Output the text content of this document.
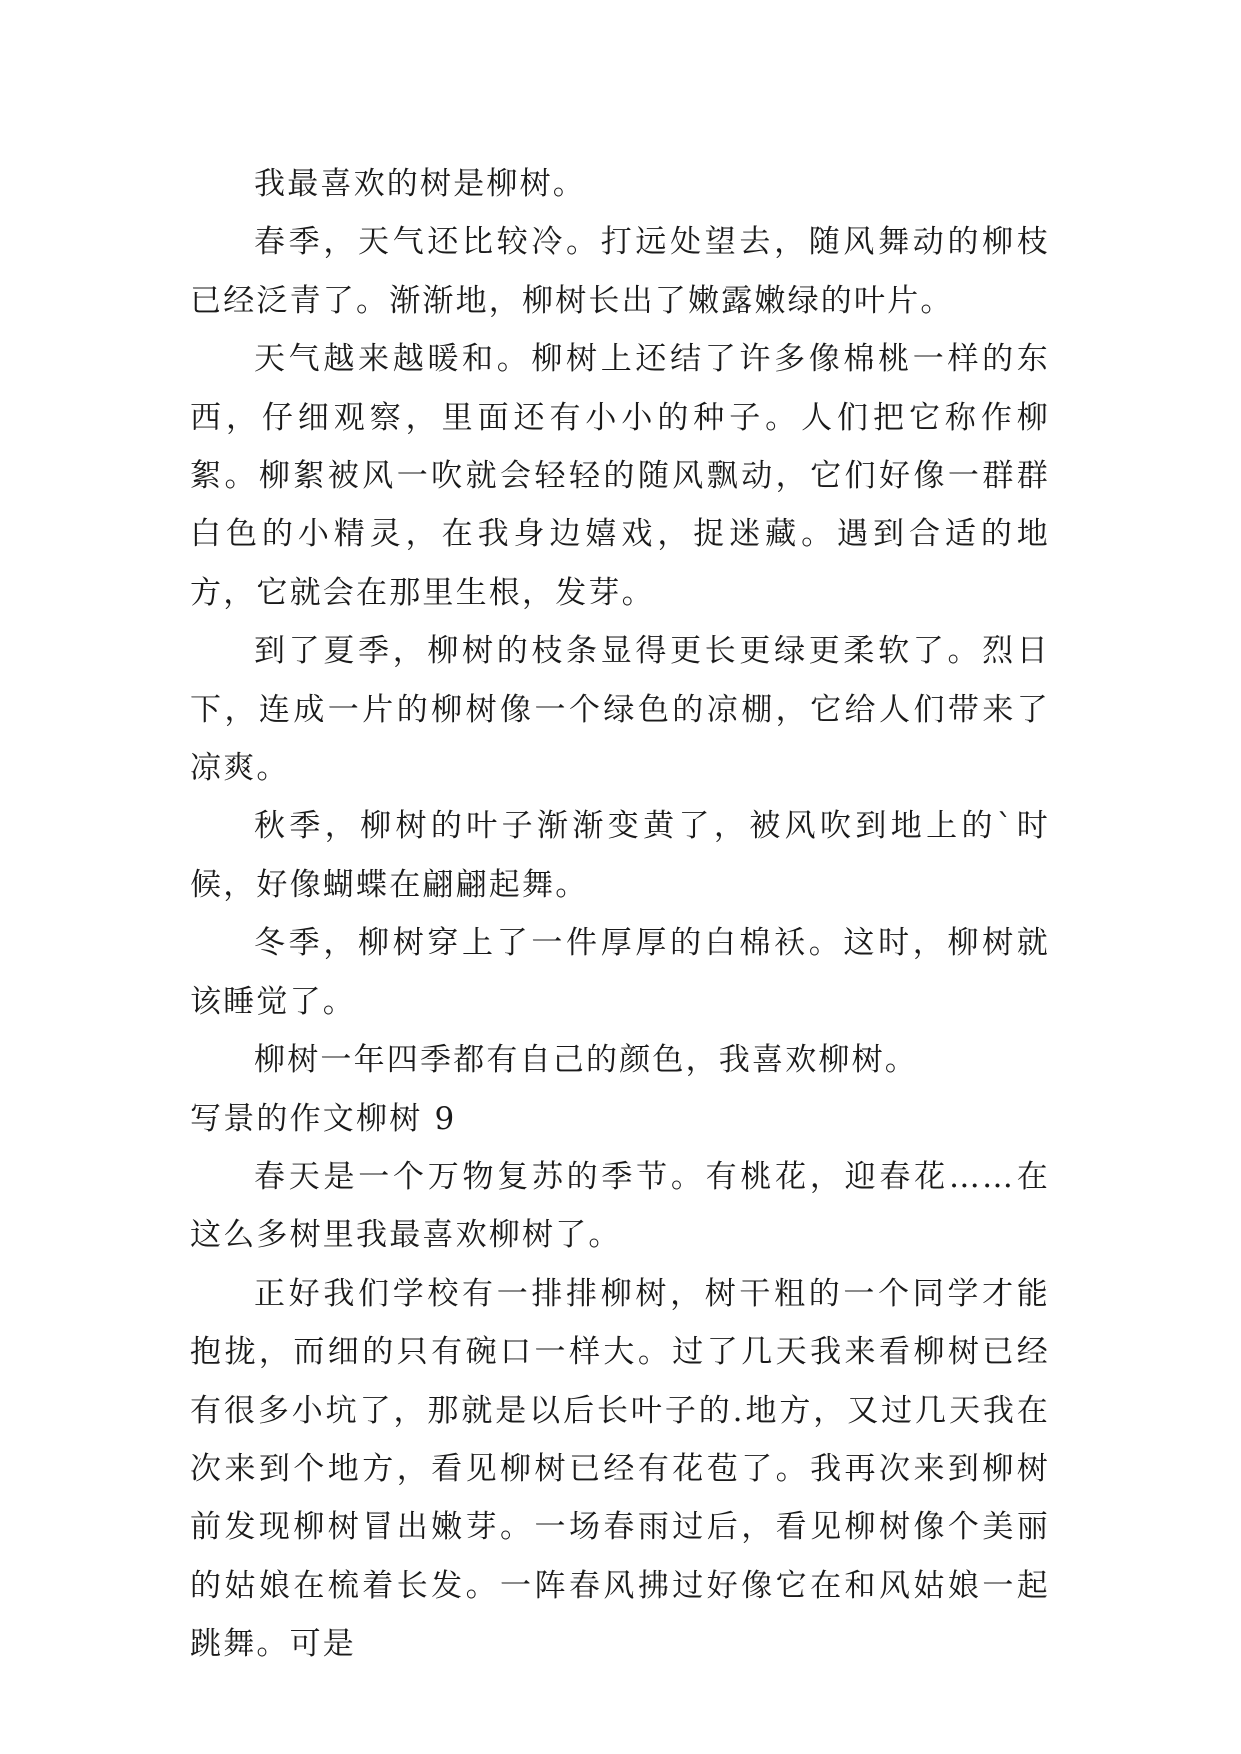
我最喜欢的树是柳树。

春季，天气还比较冷。打远处望去，随风舞动的柳枝已经泛青了。渐渐地，柳树长出了嫩露嫩绿的叶片。

天气越来越暖和。柳树上还结了许多像棉桃一样的东西，仔细观察，里面还有小小的种子。人们把它称作柳絮。柳絮被风一吹就会轻轻的随风飘动，它们好像一群群白色的小精灵，在我身边嬉戏，捉迷藏。遇到合适的地方，它就会在那里生根，发芽。

到了夏季，柳树的枝条显得更长更绿更柔软了。烈日下，连成一片的柳树像一个绿色的凉棚，它给人们带来了凉爽。

秋季，柳树的叶子渐渐变黄了，被风吹到地上的`时候，好像蝴蝶在翩翩起舞。

冬季，柳树穿上了一件厚厚的白棉袄。这时，柳树就该睡觉了。

柳树一年四季都有自己的颜色，我喜欢柳树。

写景的作文柳树 9

春天是一个万物复苏的季节。有桃花，迎春花……在这么多树里我最喜欢柳树了。

正好我们学校有一排排柳树，树干粗的一个同学才能抱拢，而细的只有碗口一样大。过了几天我来看柳树已经有很多小坑了，那就是以后长叶子的.地方，又过几天我在次来到个地方，看见柳树已经有花苞了。我再次来到柳树前发现柳树冒出嫩芽。一场春雨过后，看见柳树像个美丽的姑娘在梳着长发。一阵春风拂过好像它在和风姑娘一起跳舞。可是
